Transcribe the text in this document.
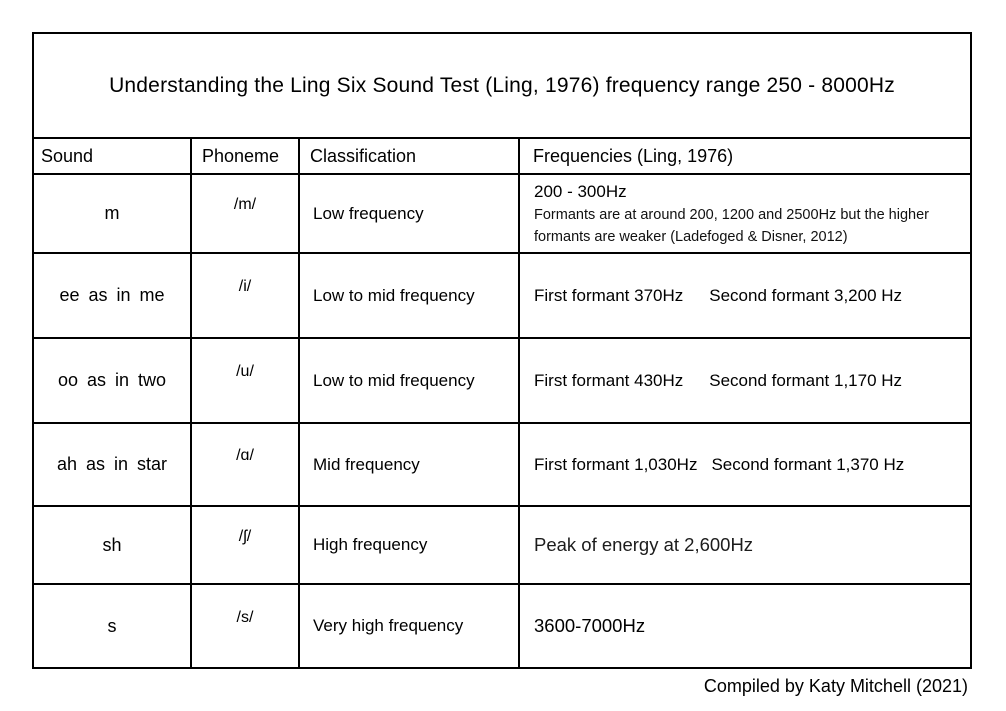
Understanding the Ling Six Sound Test (Ling, 1976) frequency range 250 - 8000Hz			
Sound	Phoneme	Classification	Frequencies (Ling, 1976)
m	/m/	Low frequency	200 - 300Hz
Formants are at around 200, 1200 and 2500Hz but the higher formants are weaker (Ladefoged & Disner, 2012)

ee as in me	/i/	Low to mid frequency	First formant 370Hz Second formant 3,200 Hz

oo as in two	/u/	Low to mid frequency	First formant 430Hz Second formant 1,170 Hz

ah as in star	/ɑ/	Mid frequency	First formant 1,030Hz Second formant 1,370 Hz

sh	/ʃ/	High frequency	Peak of energy at 2,600Hz

s	/s/	Very high frequency	3600-7000Hz
Compiled by Katy Mitchell (2021)
